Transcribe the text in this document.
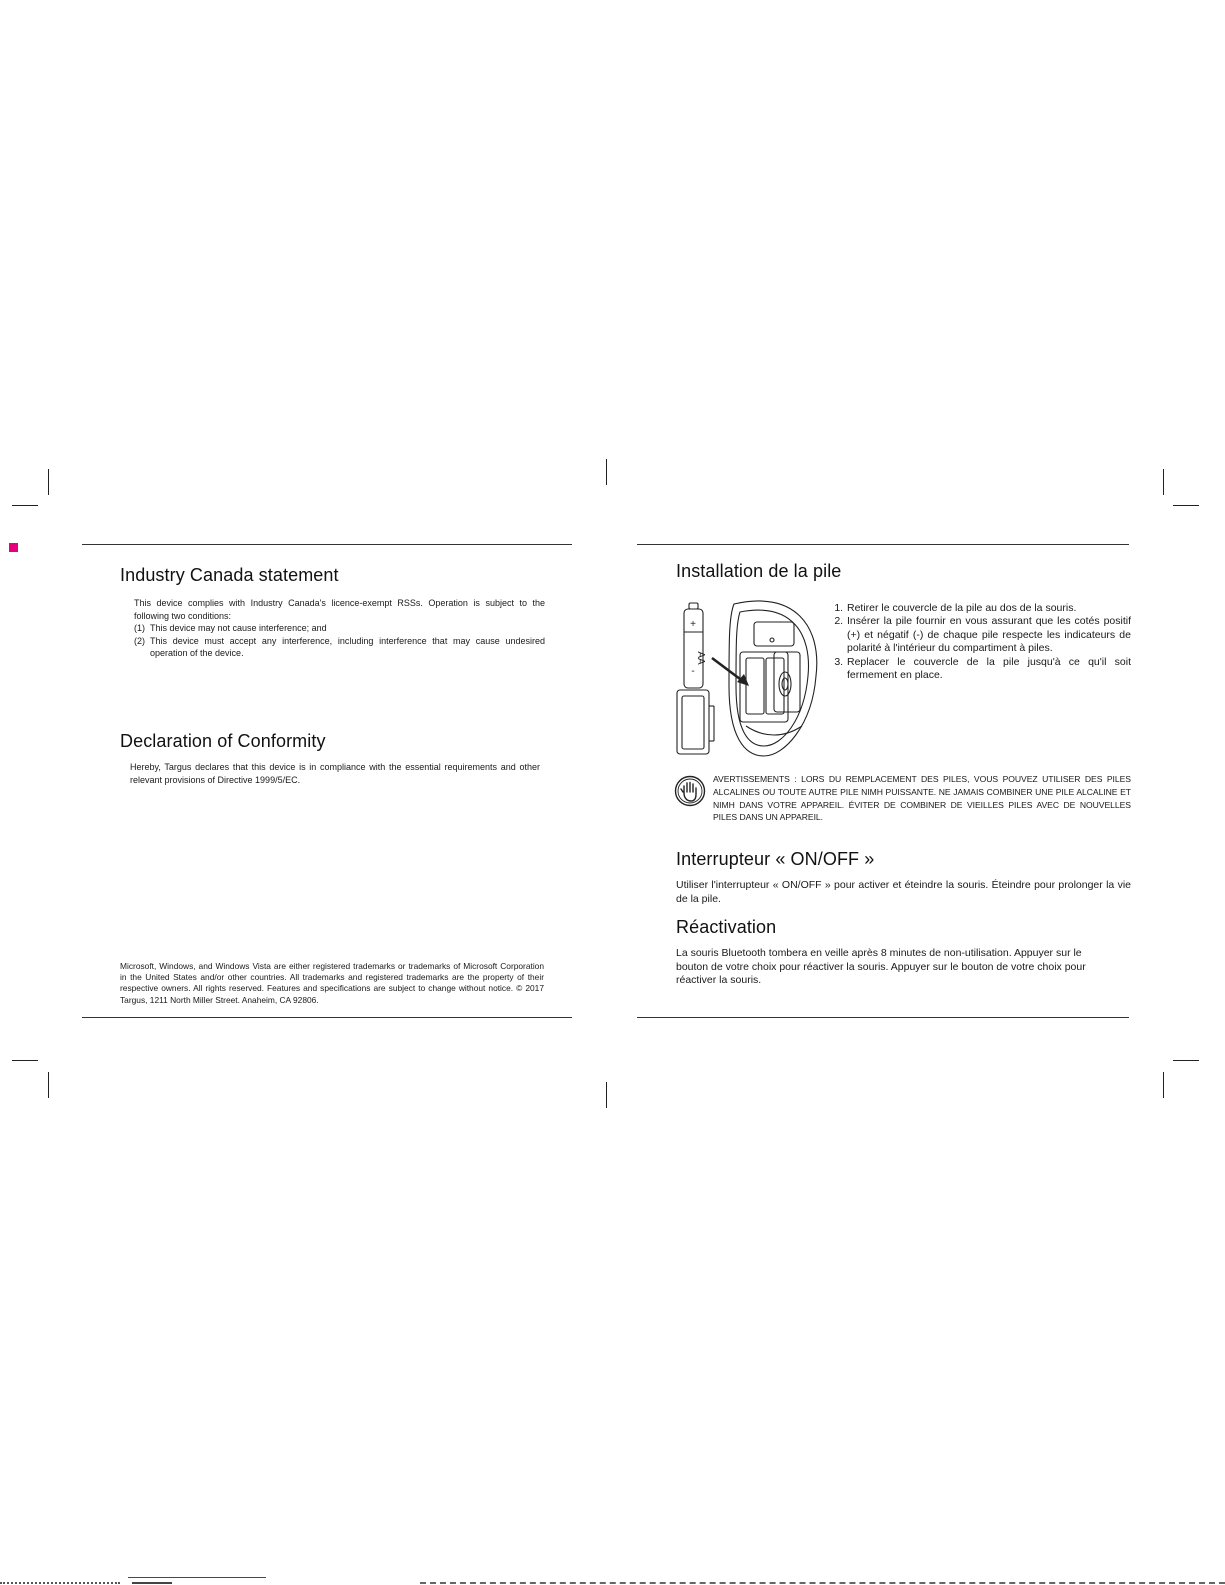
Industry Canada statement
This device complies with Industry Canada's licence-exempt RSSs. Operation is subject to the following two conditions:
(1) This device may not cause interference; and
(2) This device must accept any interference, including interference that may cause undesired operation of the device.
Declaration of Conformity
Hereby, Targus declares that this device is in compliance with the essential requirements and other relevant provisions of Directive 1999/5/EC.
Microsoft, Windows, and Windows Vista are either registered trademarks or trademarks of Microsoft Corporation in the United States and/or other countries. All trademarks and registered trademarks are the property of their respective owners. All rights reserved. Features and specifications are subject to change without notice. © 2017 Targus, 1211 North Miller Street. Anaheim, CA 92806.
Installation de la pile
AA
+
-
1. Retirer le couvercle de la pile au dos de la souris.
2. Insérer la pile fournir en vous assurant que les cotés positif (+) et négatif (-) de chaque pile respecte les indicateurs de polarité à l'intérieur du compartiment à piles.
3. Replacer le couvercle de la pile jusqu'à ce qu'il soit fermement en place.
AVERTISSEMENTS : LORS DU REMPLACEMENT DES PILES, VOUS POUVEZ UTILISER DES PILES ALCALINES OU TOUTE AUTRE PILE NIMH PUISSANTE. NE JAMAIS COMBINER UNE PILE ALCALINE ET NIMH DANS VOTRE APPAREIL. ÉVITER DE COMBINER DE VIEILLES PILES AVEC DE NOUVELLES PILES DANS UN APPAREIL.
Interrupteur « ON/OFF »
Utiliser l'interrupteur « ON/OFF » pour activer et éteindre la souris. Éteindre pour prolonger la vie de la pile.
Réactivation
La souris Bluetooth tombera en veille après 8 minutes de non-utilisation. Appuyer sur le bouton de votre choix pour réactiver la souris. Appuyer sur le bouton de votre choix pour réactiver la souris.
